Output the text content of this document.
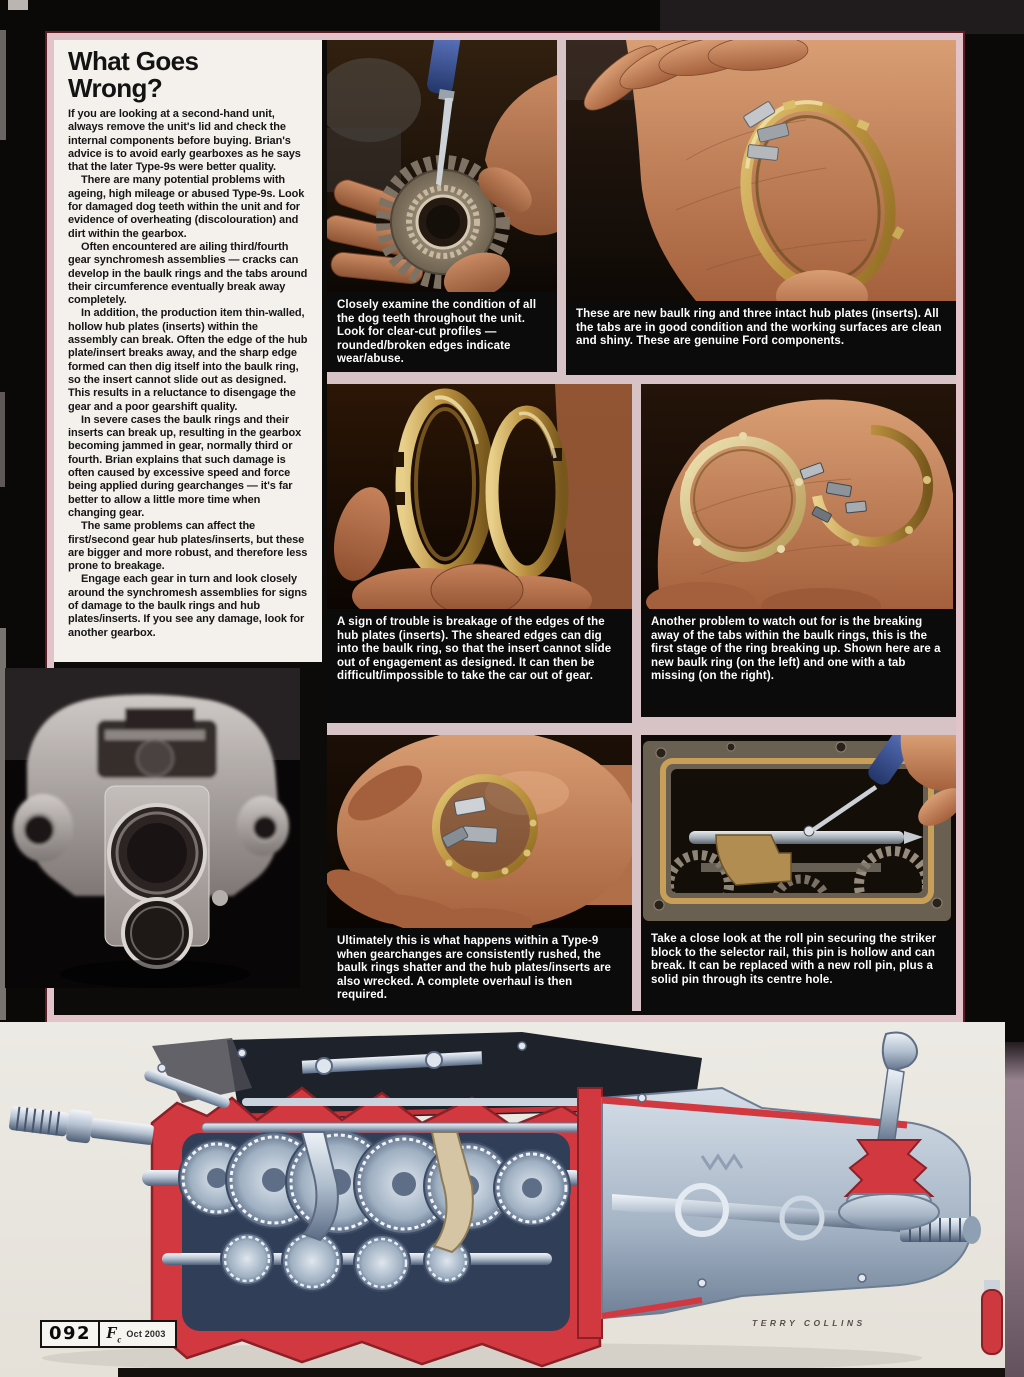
What Goes
Wrong?

If you are looking at a second-hand unit, always remove the unit's lid and check the internal components before buying. Brian's advice is to avoid early gearboxes as he says that the later Type-9s were better quality.

There are many potential problems with ageing, high mileage or abused Type-9s. Look for damaged dog teeth within the unit and for evidence of overheating (discolouration) and dirt within the gearbox.

Often encountered are ailing third/fourth gear synchromesh assemblies — cracks can develop in the baulk rings and the tabs around their circumference eventually break away completely.

In addition, the production item thin-walled, hollow hub plates (inserts) within the assembly can break. Often the edge of the hub plate/insert breaks away, and the sharp edge formed can then dig itself into the baulk ring, so the insert cannot slide out as designed. This results in a reluctance to disengage the gear and a poor gearshift quality.

In severe cases the baulk rings and their inserts can break up, resulting in the gearbox becoming jammed in gear, normally third or fourth. Brian explains that such damage is often caused by excessive speed and force being applied during gearchanges — it's far better to allow a little more time when changing gear.

The same problems can affect the first/second gear hub plates/inserts, but these are bigger and more robust, and therefore less prone to breakage.

Engage each gear in turn and look closely around the synchromesh assemblies for signs of damage to the baulk rings and hub plates/inserts. If you see any damage, look for another gearbox.

Closely examine the condition of all the dog teeth throughout the unit. Look for clear-cut profiles — rounded/broken edges indicate wear/abuse.
These are new baulk ring and three intact hub plates (inserts). All the tabs are in good condition and the working surfaces are clean and shiny. These are genuine Ford components.
A sign of trouble is breakage of the edges of the hub plates (inserts). The sheared edges can dig into the baulk ring, so that the insert cannot slide out of engagement as designed. It can then be difficult/impossible to take the car out of gear.
Another problem to watch out for is the breaking away of the tabs within the baulk rings, this is the first stage of the ring breaking up. Shown here are a new baulk ring (on the left) and one with a tab missing (on the right).
Ultimately this is what happens within a Type-9 when gearchanges are consistently rushed, the baulk rings shatter and the hub plates/inserts are also wrecked. A complete overhaul is then required.
Take a close look at the roll pin securing the striker block to the selector rail, this pin is hollow and can break. It can be replaced with a new roll pin, plus a solid pin through its centre hole.
TERRY COLLINS
092 $F_c$
Oct 2003
